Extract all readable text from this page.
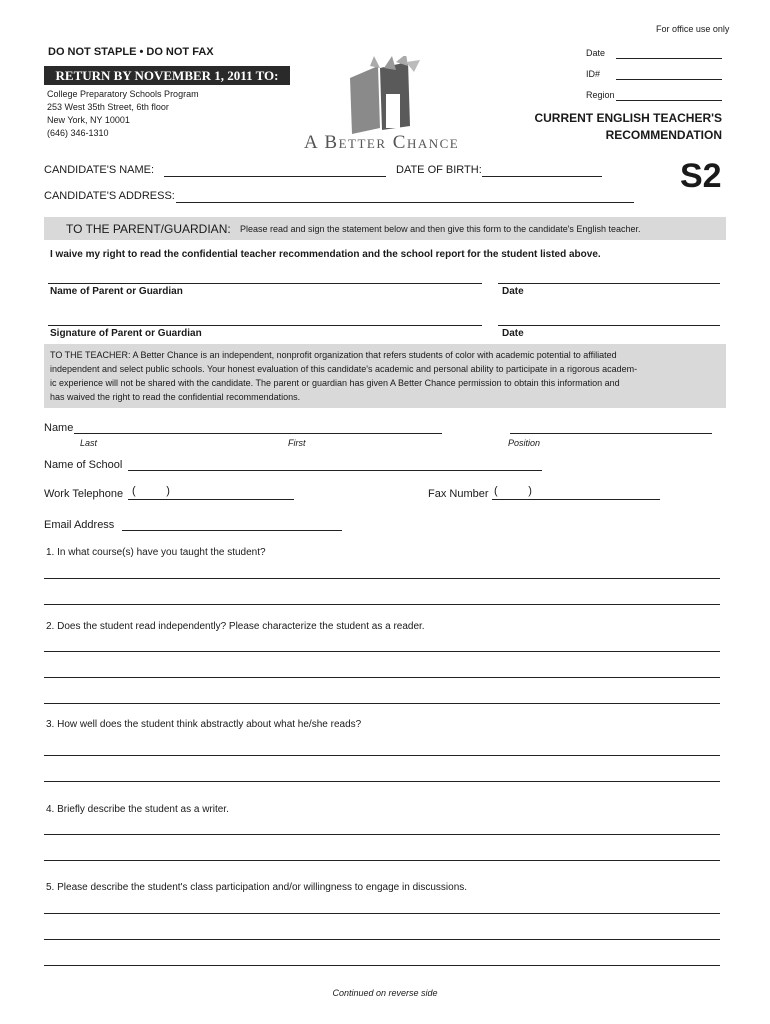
For office use only
Date
ID#
Region
DO NOT STAPLE • DO NOT FAX
RETURN BY NOVEMBER 1, 2011 TO:
College Preparatory Schools Program
253 West 35th Street, 6th floor
New York, NY 10001
(646) 346-1310	A Better Chance
CURRENT ENGLISH TEACHER'S
RECOMMENDATION
S2
CANDIDATE'S NAME:	DATE OF BIRTH:
CANDIDATE'S ADDRESS:
TO THE PARENT/GUARDIAN: Please read and sign the statement below and then give this form to the candidate's English teacher.
I waive my right to read the confidential teacher recommendation and the school report for the student listed above.
Name of Parent or Guardian	Date
Signature of Parent or Guardian	Date
TO THE TEACHER: A Better Chance is an independent, nonprofit organization that refers students of color with academic potential to affiliated
independent and select public schools. Your honest evaluation of this candidate's academic and personal ability to participate in a rigorous academ-
ic experience will not be shared with the candidate. The parent or guardian has given A Better Chance permission to obtain this information and
has waived the right to read the confidential recommendations.
Name
Last	First	Position
Name of School
Work Telephone (          )	Fax Number (          )
Email Address
1. In what course(s) have you taught the student?
2. Does the student read independently? Please characterize the student as a reader.
3. How well does the student think abstractly about what he/she reads?
4. Briefly describe the student as a writer.
5. Please describe the student's class participation and/or willingness to engage in discussions.
Continued on reverse side
